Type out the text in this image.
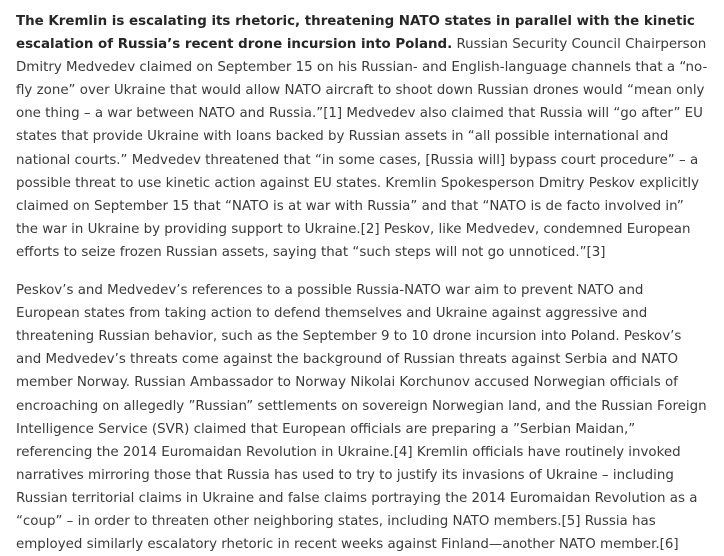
The Kremlin is escalating its rhetoric, threatening NATO states in parallel with the kinetic escalation of Russia’s recent drone incursion into Poland. Russian Security Council Chairperson Dmitry Medvedev claimed on September 15 on his Russian- and English-language channels that a “no-fly zone” over Ukraine that would allow NATO aircraft to shoot down Russian drones would “mean only one thing – a war between NATO and Russia.”[1] Medvedev also claimed that Russia will “go after” EU states that provide Ukraine with loans backed by Russian assets in “all possible international and national courts.” Medvedev threatened that “in some cases, [Russia will] bypass court procedure” – a possible threat to use kinetic action against EU states. Kremlin Spokesperson Dmitry Peskov explicitly claimed on September 15 that “NATO is at war with Russia” and that “NATO is de facto involved in” the war in Ukraine by providing support to Ukraine.[2] Peskov, like Medvedev, condemned European efforts to seize frozen Russian assets, saying that “such steps will not go unnoticed.”[3]

Peskov’s and Medvedev’s references to a possible Russia-NATO war aim to prevent NATO and European states from taking action to defend themselves and Ukraine against aggressive and threatening Russian behavior, such as the September 9 to 10 drone incursion into Poland. Peskov’s and Medvedev’s threats come against the background of Russian threats against Serbia and NATO member Norway. Russian Ambassador to Norway Nikolai Korchunov accused Norwegian officials of encroaching on allegedly ”Russian” settlements on sovereign Norwegian land, and the Russian Foreign Intelligence Service (SVR) claimed that European officials are preparing a ”Serbian Maidan,” referencing the 2014 Euromaidan Revolution in Ukraine.[4] Kremlin officials have routinely invoked narratives mirroring those that Russia has used to try to justify its invasions of Ukraine – including Russian territorial claims in Ukraine and false claims portraying the 2014 Euromaidan Revolution as a “coup” – in order to threaten other neighboring states, including NATO members.[5] Russia has employed similarly escalatory rhetoric in recent weeks against Finland—another NATO member.[6]
